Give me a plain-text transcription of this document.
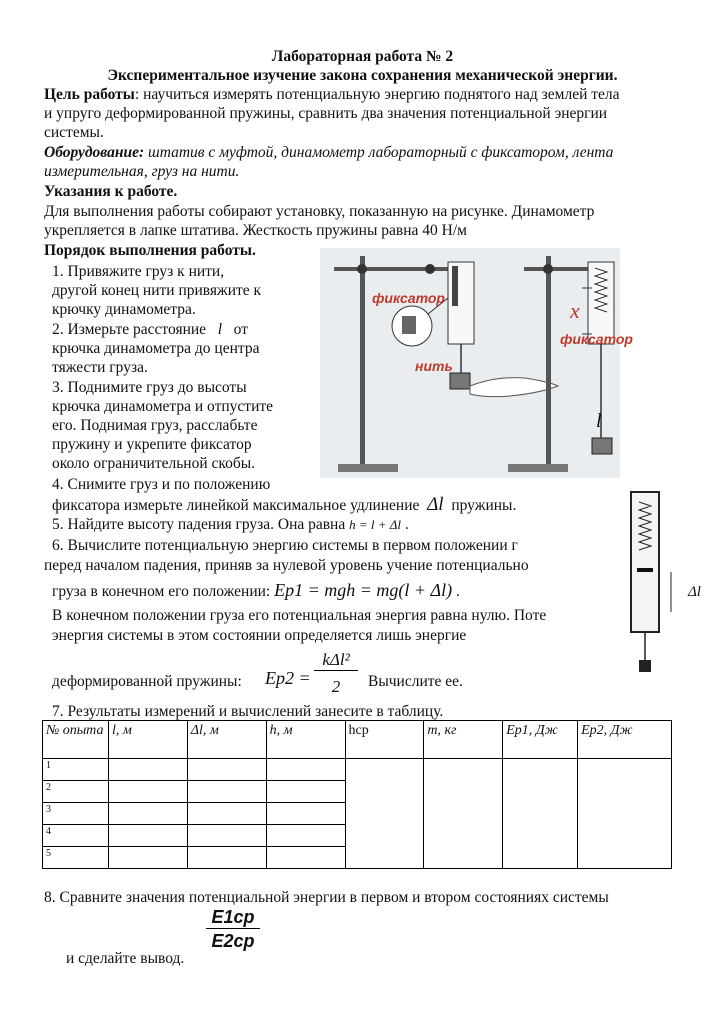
Лабораторная работа № 2
Экспериментальное изучение закона сохранения механической энергии.
Цель работы: научиться измерять потенциальную энергию поднятого над землей тела
и упруго деформированной пружины, сравнить два значения потенциальной энергии
системы.
Оборудование: штатив с муфтой, динамометр лабораторный с фиксатором, лента
измерительная, груз на нити.
Указания к работе.
Для выполнения работы собирают установку, показанную на рисунке. Динамометр
укрепляется в лапке штатива. Жесткость пружины равна 40 Н/м
Порядок выполнения работы.
1. Привяжите груз к нити,
другой конец нити привяжите к
крючку динамометра.
2. Измерьте расстояние l от
крючка динамометра до центра
тяжести груза.
3. Поднимите груз до высоты
крючка динамометра и отпустите
его. Поднимая груз, расслабьте
пружину и укрепите фиксатор
около ограничительной скобы.
4. Снимите груз и по положению
фиксатора измерьте линейкой максимальное удлинение Δl пружины.
5. Найдите высоту падения груза. Она равна h = l + Δl .
6. Вычислите потенциальную энергию системы в первом положении г
перед началом падения, приняв за нулевой уровень учение потенциально
груза в конечном его положении: Ep1 = mgh = mg(l + Δl) .
В конечном положении груза его потенциальная энергия равна нулю. Поте
энергия системы в этом состоянии определяется лишь энергие
деформированной пружины: Ep2 =
kΔl²
2	Вычислите ее.
7. Результаты измерений и вычислений занесите в таблицу.
№ опыта	l, м	Δl, м	h, м	hср	m, кг	Ep1, Дж	Ep2, Дж
1							
2							
3							
4							
5							
8. Сравните значения потенциальной энергии в первом и втором состояниях системы
и сделайте вывод.
E1ср
E2ср
фиксатор
нить
x
фиксатор
l
Δl
